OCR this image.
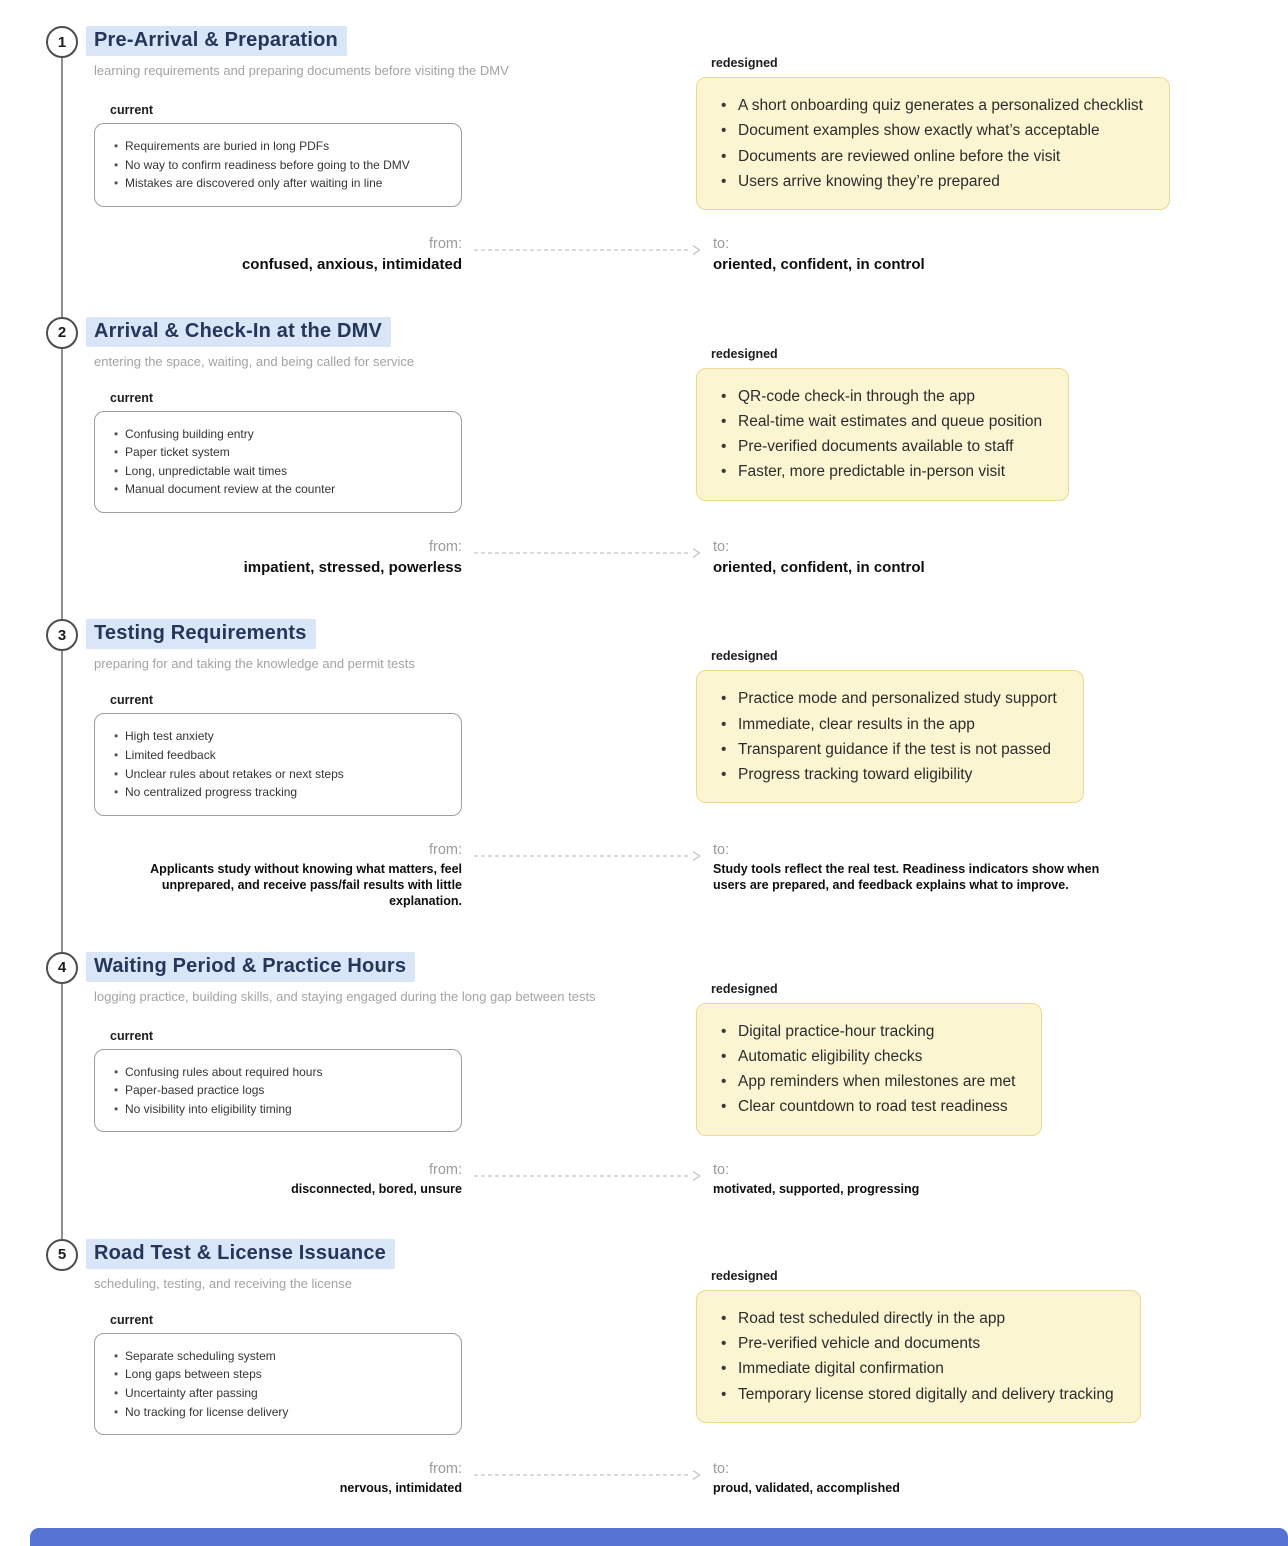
1 Pre-Arrival & Preparation

learning requirements and preparing documents before visiting the DMV

current
• Requirements are buried in long PDFs
• No way to confirm readiness before going to the DMV
• Mistakes are discovered only after waiting in line
redesigned
• A short onboarding quiz generates a personalized checklist
• Document examples show exactly what’s acceptable
• Documents are reviewed online before the visit
• Users arrive knowing they’re prepared
from:
confused, anxious, intimidated
to:
oriented, confident, in control
2 Arrival & Check-In at the DMV

entering the space, waiting, and being called for service

current
• Confusing building entry
• Paper ticket system
• Long, unpredictable wait times
• Manual document review at the counter
redesigned
• QR-code check-in through the app
• Real-time wait estimates and queue position
• Pre-verified documents available to staff
• Faster, more predictable in-person visit
from:
impatient, stressed, powerless
to:
oriented, confident, in control
3 Testing Requirements

preparing for and taking the knowledge and permit tests

current
• High test anxiety
• Limited feedback
• Unclear rules about retakes or next steps
• No centralized progress tracking
redesigned
• Practice mode and personalized study support
• Immediate, clear results in the app
• Transparent guidance if the test is not passed
• Progress tracking toward eligibility
from:
Applicants study without knowing what matters, feel unprepared, and receive pass/fail results with little explanation.
to:
Study tools reflect the real test. Readiness indicators show when users are prepared, and feedback explains what to improve.
4 Waiting Period & Practice Hours

logging practice, building skills, and staying engaged during the long gap between tests

current
• Confusing rules about required hours
• Paper-based practice logs
• No visibility into eligibility timing
redesigned
• Digital practice-hour tracking
• Automatic eligibility checks
• App reminders when milestones are met
• Clear countdown to road test readiness
from:
disconnected, bored, unsure
to:
motivated, supported, progressing
5 Road Test & License Issuance

scheduling, testing, and receiving the license

current
• Separate scheduling system
• Long gaps between steps
• Uncertainty after passing
• No tracking for license delivery
redesigned
• Road test scheduled directly in the app
• Pre-verified vehicle and documents
• Immediate digital confirmation
• Temporary license stored digitally and delivery tracking
from:
nervous, intimidated
to:
proud, validated, accomplished
